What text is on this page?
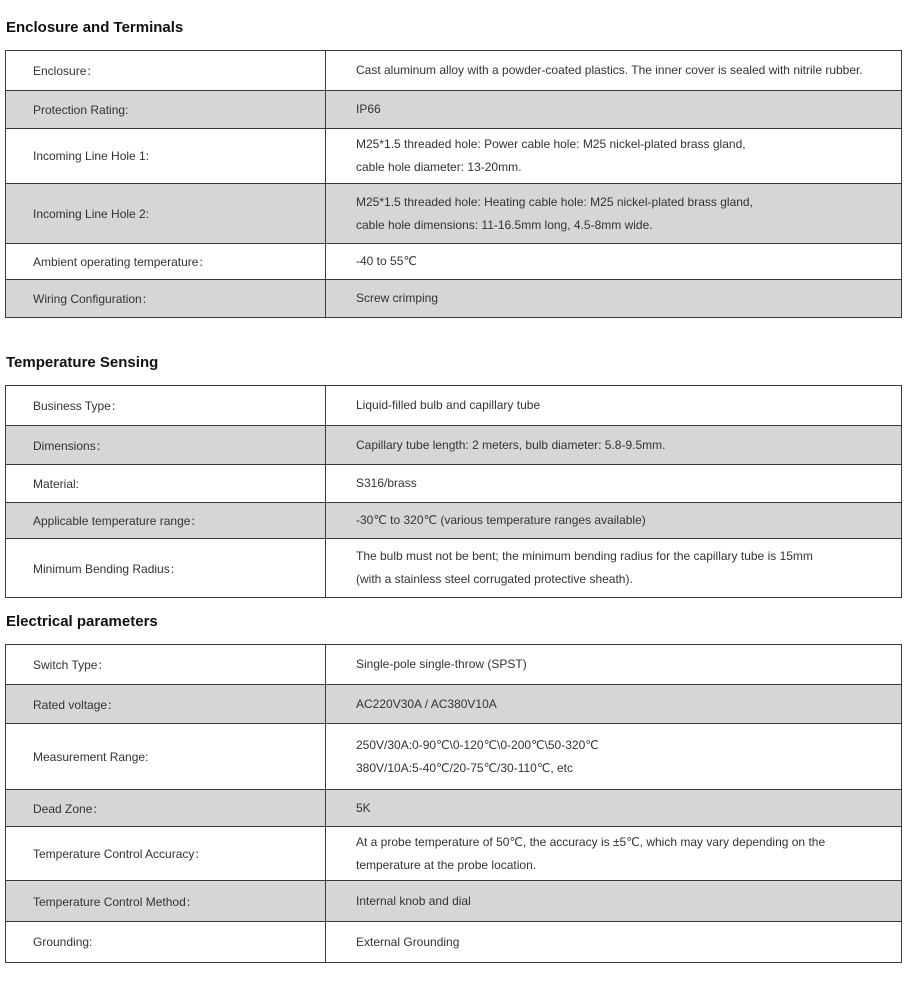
Enclosure and Terminals
Enclosure：	Cast aluminum alloy with a powder-coated plastics. The inner cover is sealed with nitrile rubber.

Protection Rating:	IP66

Incoming Line Hole 1:	M25*1.5 threaded hole: Power cable hole: M25 nickel-plated brass gland,
cable hole diameter: 13-20mm.

Incoming Line Hole 2:	M25*1.5 threaded hole: Heating cable hole: M25 nickel-plated brass gland,
cable hole dimensions: 11-16.5mm long, 4.5-8mm wide.

Ambient operating temperature：	-40 to 55℃

Wiring Configuration：	Screw crimping
Temperature Sensing
Business Type：	Liquid-filled bulb and capillary tube

Dimensions：	Capillary tube length: 2 meters, bulb diameter: 5.8-9.5mm.

Material:	S316/brass

Applicable temperature range：	-30℃ to 320℃ (various temperature ranges available)

Minimum Bending Radius：	The bulb must not be bent; the minimum bending radius for the capillary tube is 15mm
(with a stainless steel corrugated protective sheath).
Electrical parameters
Switch Type：	Single-pole single-throw (SPST)

Rated voltage：	AC220V30A / AC380V10A

Measurement Range:	250V/30A:0-90℃\0-120℃\0-200℃\50-320℃
380V/10A:5-40℃/20-75℃/30-110℃, etc

Dead Zone：	5K

Temperature Control Accuracy：	At a probe temperature of 50℃, the accuracy is ±5℃, which may vary depending on the
temperature at the probe location.

Temperature Control Method：	Internal knob and dial

Grounding:	External Grounding
